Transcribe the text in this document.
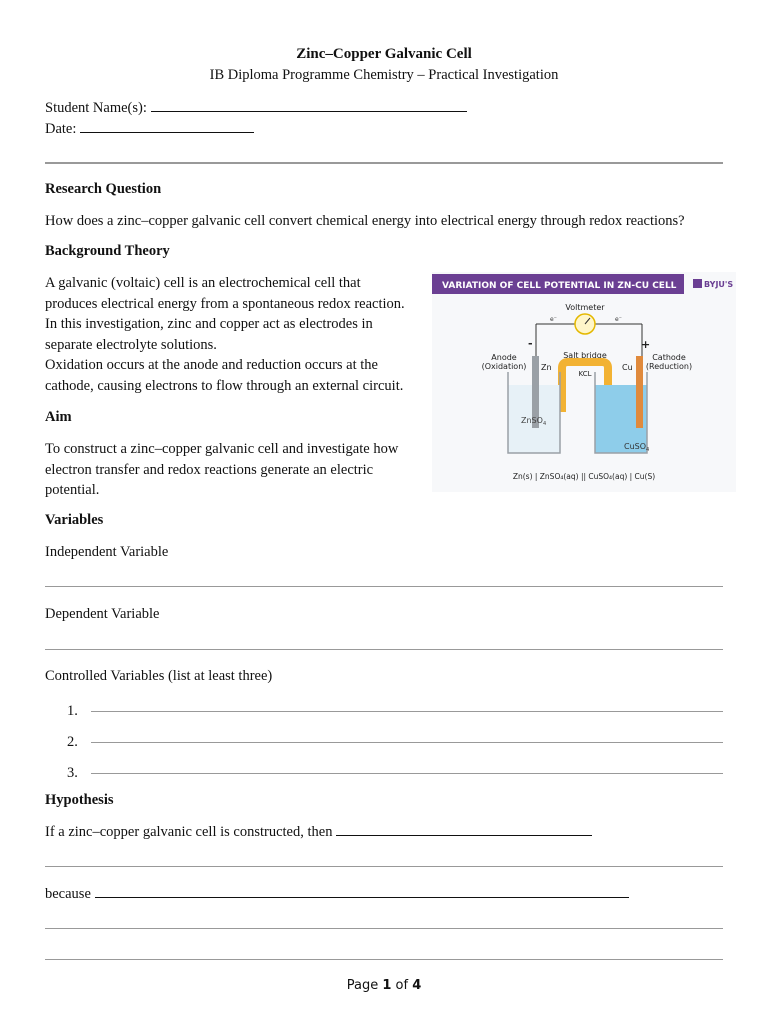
Zinc–Copper Galvanic Cell
IB Diploma Programme Chemistry – Practical Investigation
Student Name(s):
Date:
Research Question
How does a zinc–copper galvanic cell convert chemical energy into electrical energy through redox reactions?
Background Theory
A galvanic (voltaic) cell is an electrochemical cell that
produces electrical energy from a spontaneous redox reaction.
In this investigation, zinc and copper act as electrodes in
separate electrolyte solutions.
Oxidation occurs at the anode and reduction occurs at the
cathode, causing electrons to flow through an external circuit.
Aim
To construct a zinc–copper galvanic cell and investigate how
electron transfer and redox reactions generate an electric
potential.
VARIATION OF CELL POTENTIAL IN ZN-CU CELL	BYJU'S
Voltmeter
e⁻	e⁻
-	+
Anode
(Oxidation)
Cathode
(Reduction)
Salt bridge
KCL
Zn
ZnSO$_4$
Cu
CuSO$_4$
Zn(s) | ZnSO₄(aq) || CuSO₄(aq) | Cu(S)
Variables
Independent Variable
Dependent Variable
Controlled Variables (list at least three)
1.
2.
3.
Hypothesis
If a zinc–copper galvanic cell is constructed, then
because
Page 1 of 4
